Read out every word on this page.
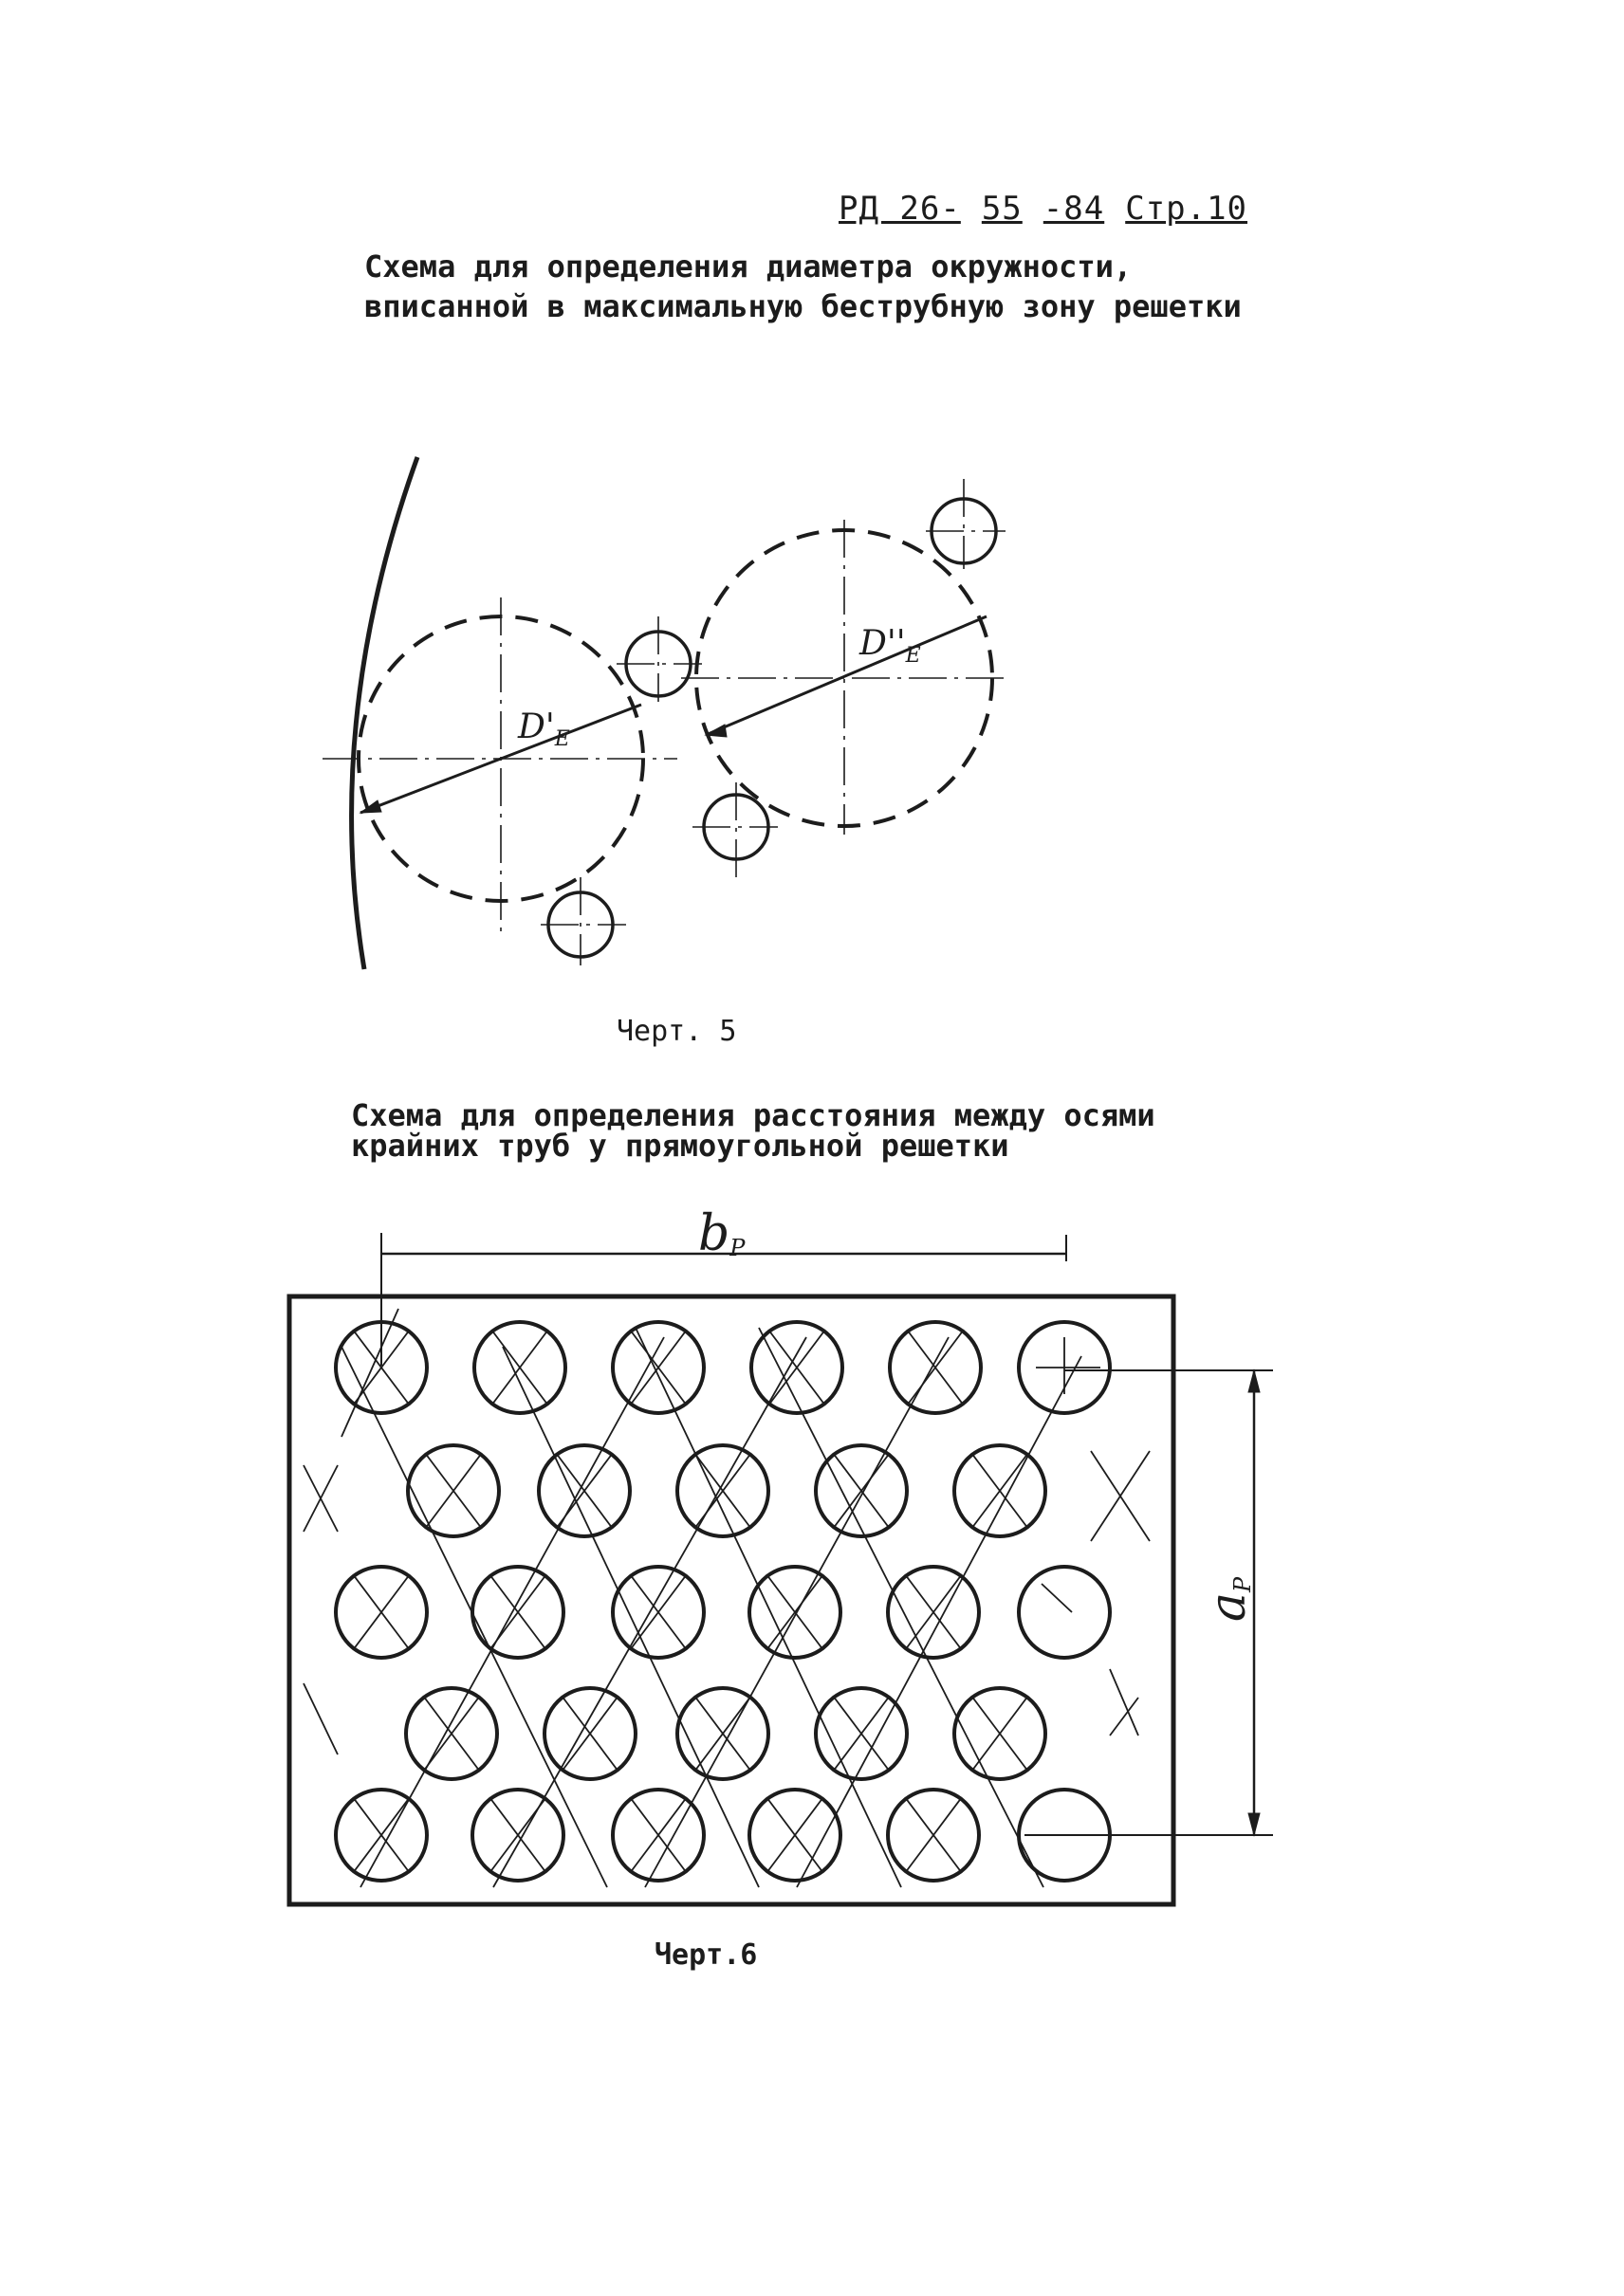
РД 26- 55 -84 Стр.10
Схема для определения диаметра окружности,
вписанной в максимальную беструбную зону решетки
$D'_E$
$D''_E$
bP
aP
Черт. 5
Схема для определения расстояния между осями
крайних труб у прямоугольной решетки
Черт.6
